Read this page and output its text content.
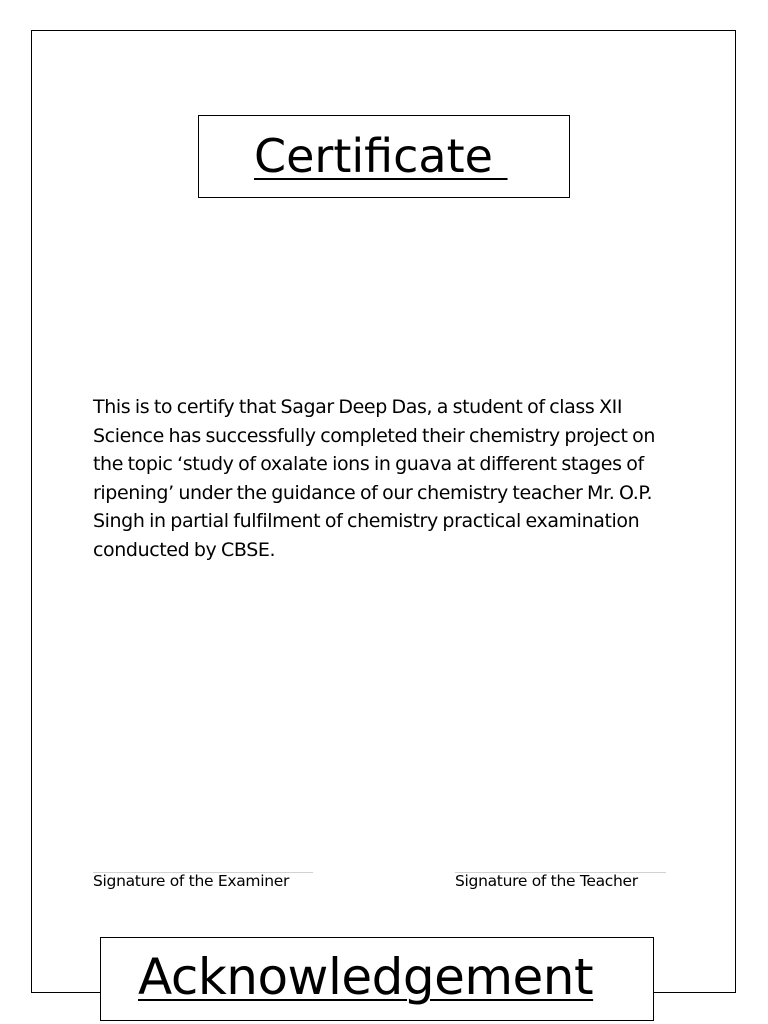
Certificate
This is to certify that Sagar Deep Das, a student of class XII Science has successfully completed their chemistry project on the topic ‘study of oxalate ions in guava at different stages of ripening’ under the guidance of our chemistry teacher Mr. O.P. Singh in partial fulfilment of chemistry practical examination conducted by CBSE.
Signature of the Examiner	Signature of the Teacher
Acknowledgement
